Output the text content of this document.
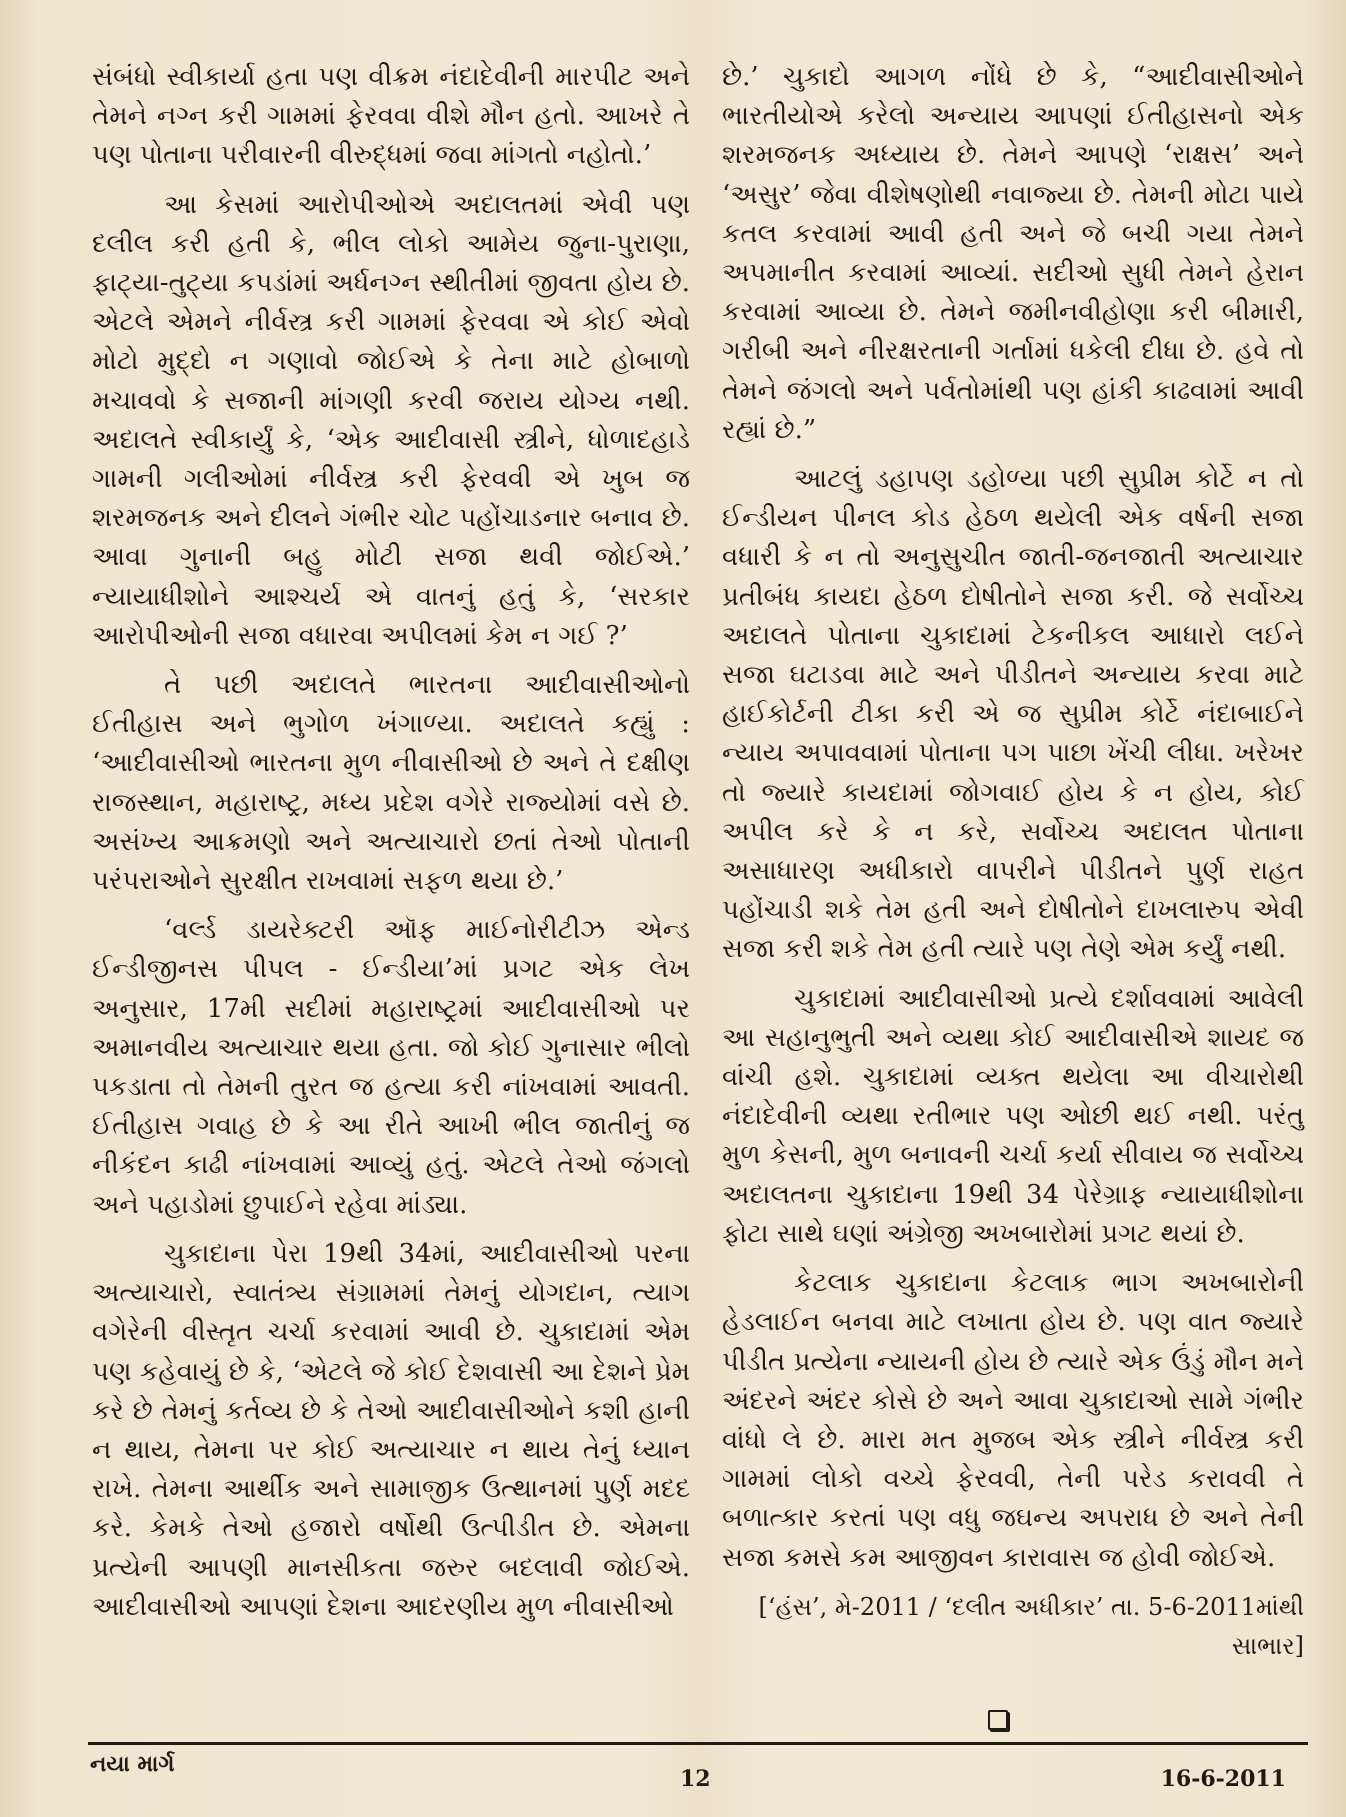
સંબંધો સ્વીકાર્યા હતા પણ વીક્રમ નંદાદેવીની મારપીટ અને તેમને નગ્ન કરી ગામમાં ફેરવવા વીશે મૌન હતો. આખરે તે પણ પોતાના પરીવારની વીરુદ્ધમાં જવા માંગતો નહોતો.’

આ કેસમાં આરોપીઓએ અદાલતમાં એવી પણ દલીલ કરી હતી કે, ભીલ લોકો આમેય જુના-પુરાણા, ફાટ્યા-તુટ્યા કપડાંમાં અર્ધનગ્ન સ્થીતીમાં જીવતા હોય છે. એટલે એમને નીર્વસ્ત્ર કરી ગામમાં ફેરવવા એ કોઈ એવો મોટો મુદ્દો ન ગણાવો જોઈએ કે તેના માટે હોબાળો મચાવવો કે સજાની માંગણી કરવી જરાય યોગ્ય નથી. અદાલતે સ્વીકાર્યું કે, ‘એક આદીવાસી સ્ત્રીને, ધોળાદહાડે ગામની ગલીઓમાં નીર્વસ્ત્ર કરી ફેરવવી એ ખુબ જ શરમજનક અને દીલને ગંભીર ચોટ પહોંચાડનાર બનાવ છે. આવા ગુનાની બહુ મોટી સજા થવી જોઈએ.’ ન્યાયાધીશોને આશ્ચર્ય એ વાતનું હતું કે, ‘સરકાર આરોપીઓની સજા વધારવા અપીલમાં કેમ ન ગઈ ?’

તે પછી અદાલતે ભારતના આદીવાસીઓનો ઈતીહાસ અને ભુગોળ ખંગાળ્યા. અદાલતે કહ્યું : ‘આદીવાસીઓ ભારતના મુળ નીવાસીઓ છે અને તે દક્ષીણ રાજસ્થાન, મહારાષ્ટ્ર, મધ્ય પ્રદેશ વગેરે રાજ્યોમાં વસે છે. અસંખ્ય આક્રમણો અને અત્યાચારો છતાં તેઓ પોતાની પરંપરાઓને સુરક્ષીત રાખવામાં સફળ થયા છે.’

‘વર્લ્ડ ડાયરેક્ટરી ઑફ માઈનોરીટીઝ એન્ડ ઈન્ડીજીનસ પીપલ - ઈન્ડીયા’માં પ્રગટ એક લેખ અનુસાર, 17મી સદીમાં મહારાષ્ટ્રમાં આદીવાસીઓ પર અમાનવીય અત્યાચાર થયા હતા. જો કોઈ ગુનાસાર ભીલો પકડાતા તો તેમની તુરત જ હત્યા કરી નાંખવામાં આવતી. ઈતીહાસ ગવાહ છે કે આ રીતે આખી ભીલ જાતીનું જ નીકંદન કાઢી નાંખવામાં આવ્યું હતું. એટલે તેઓ જંગલો અને પહાડોમાં છુપાઈને રહેવા માંડ્યા.

ચુકાદાના પેરા 19થી 34માં, આદીવાસીઓ પરના અત્યાચારો, સ્વાતંત્ર્ય સંગ્રામમાં તેમનું યોગદાન, ત્યાગ વગેરેની વીસ્તૃત ચર્ચા કરવામાં આવી છે. ચુકાદામાં એમ પણ કહેવાયું છે કે, ‘એટલે જે કોઈ દેશવાસી આ દેશને પ્રેમ કરે છે તેમનું કર્તવ્ય છે કે તેઓ આદીવાસીઓને કશી હાની ન થાય, તેમના પર કોઈ અત્યાચાર ન થાય તેનું ધ્યાન રાખે. તેમના આર્થીક અને સામાજીક ઉત્થાનમાં પુર્ણ મદદ કરે. કેમકે તેઓ હજારો વર્ષોથી ઉત્પીડીત છે. એમના પ્રત્યેની આપણી માનસીકતા જરુર બદલાવી જોઈએ. આદીવાસીઓ આપણાં દેશના આદરણીય મુળ નીવાસીઓ

છે.’ ચુકાદો આગળ નોંધે છે કે, “આદીવાસીઓને ભારતીયોએ કરેલો અન્યાય આપણાં ઈતીહાસનો એક શરમજનક અધ્યાય છે. તેમને આપણે ‘રાક્ષસ’ અને ‘અસુર’ જેવા વીશેષણોથી નવાજ્યા છે. તેમની મોટા પાયે કતલ કરવામાં આવી હતી અને જે બચી ગયા તેમને અપમાનીત કરવામાં આવ્યાં. સદીઓ સુધી તેમને હેરાન કરવામાં આવ્યા છે. તેમને જમીનવીહોણા કરી બીમારી, ગરીબી અને નીરક્ષરતાની ગર્તામાં ધકેલી દીધા છે. હવે તો તેમને જંગલો અને પર્વતોમાંથી પણ હાંકી કાઢવામાં આવી રહ્યાં છે.”

આટલું ડહાપણ ડહોળ્યા પછી સુપ્રીમ કોર્ટે ન તો ઈન્ડીયન પીનલ કોડ હેઠળ થયેલી એક વર્ષની સજા વધારી કે ન તો અનુસુચીત જાતી-જનજાતી અત્યાચાર પ્રતીબંધ કાયદા હેઠળ દોષીતોને સજા કરી. જે સર્વોચ્ચ અદાલતે પોતાના ચુકાદામાં ટેકનીકલ આધારો લઈને સજા ઘટાડવા માટે અને પીડીતને અન્યાય કરવા માટે હાઈકોર્ટની ટીકા કરી એ જ સુપ્રીમ કોર્ટે નંદાબાઈને ન્યાય અપાવવામાં પોતાના પગ પાછા ખેંચી લીધા. ખરેખર તો જ્યારે કાયદામાં જોગવાઈ હોય કે ન હોય, કોઈ અપીલ કરે કે ન કરે, સર્વોચ્ચ અદાલત પોતાના અસાધારણ અધીકારો વાપરીને પીડીતને પુર્ણ રાહત પહોંચાડી શકે તેમ હતી અને દોષીતોને દાખલારુપ એવી સજા કરી શકે તેમ હતી ત્યારે પણ તેણે એમ કર્યું નથી.

ચુકાદામાં આદીવાસીઓ પ્રત્યે દર્શાવવામાં આવેલી આ સહાનુભુતી અને વ્યથા કોઈ આદીવાસીએ શાયદ જ વાંચી હશે. ચુકાદામાં વ્યક્ત થયેલા આ વીચારોથી નંદાદેવીની વ્યથા રતીભાર પણ ઓછી થઈ નથી. પરંતુ મુળ કેસની, મુળ બનાવની ચર્ચા કર્યા સીવાય જ સર્વોચ્ચ અદાલતના ચુકાદાના 19થી 34 પેરેગ્રાફ ન્યાયાધીશોના ફોટા સાથે ઘણાં અંગ્રેજી અખબારોમાં પ્રગટ થયાં છે.

કેટલાક ચુકાદાના કેટલાક ભાગ અખબારોની હેડલાઈન બનવા માટે લખાતા હોય છે. પણ વાત જ્યારે પીડીત પ્રત્યેના ન્યાયની હોય છે ત્યારે એક ઉંડું મૌન મને અંદરને અંદર કોસે છે અને આવા ચુકાદાઓ સામે ગંભીર વાંધો લે છે. મારા મત મુજબ એક સ્ત્રીને નીર્વસ્ત્ર કરી ગામમાં લોકો વચ્ચે ફેરવવી, તેની પરેડ કરાવવી તે બળાત્કાર કરતાં પણ વધુ જઘન્ય અપરાધ છે અને તેની સજા કમસે કમ આજીવન કારાવાસ જ હોવી જોઈએ.

[‘હંસ’, મે-2011 / ‘દલીત અધીકાર’ તા. 5-6-2011માંથી સાભાર]

નયા માર્ગ
12	16-6-2011
